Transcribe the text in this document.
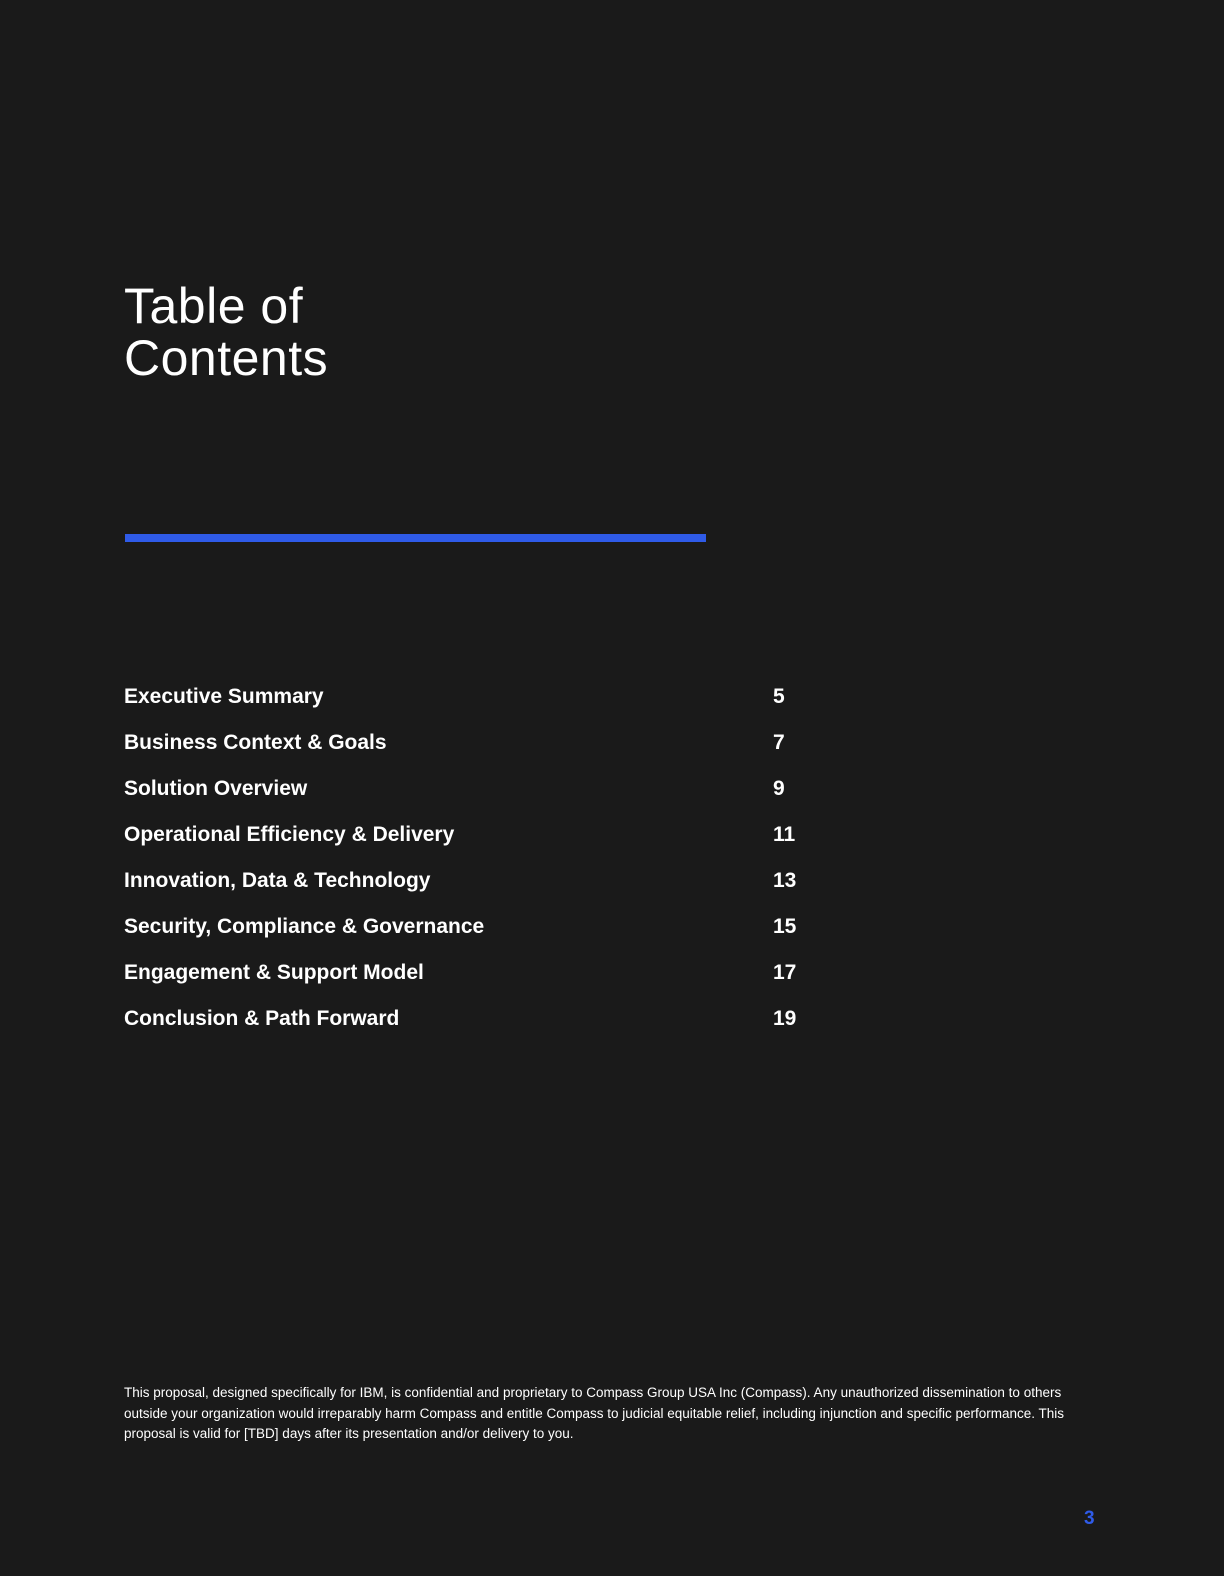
Table of
Contents
Executive Summary	5
Business Context & Goals	7
Solution Overview	9
Operational Efficiency & Delivery	11
Innovation, Data & Technology	13
Security, Compliance & Governance	15
Engagement & Support Model	17
Conclusion & Path Forward	19

This proposal, designed specifically for IBM, is confidential and proprietary to Compass Group USA Inc (Compass). Any unauthorized dissemination to others outside your organization would irreparably harm Compass and entitle Compass to judicial equitable relief, including injunction and specific performance. This proposal is valid for [TBD] days after its presentation and/or delivery to you.

3
